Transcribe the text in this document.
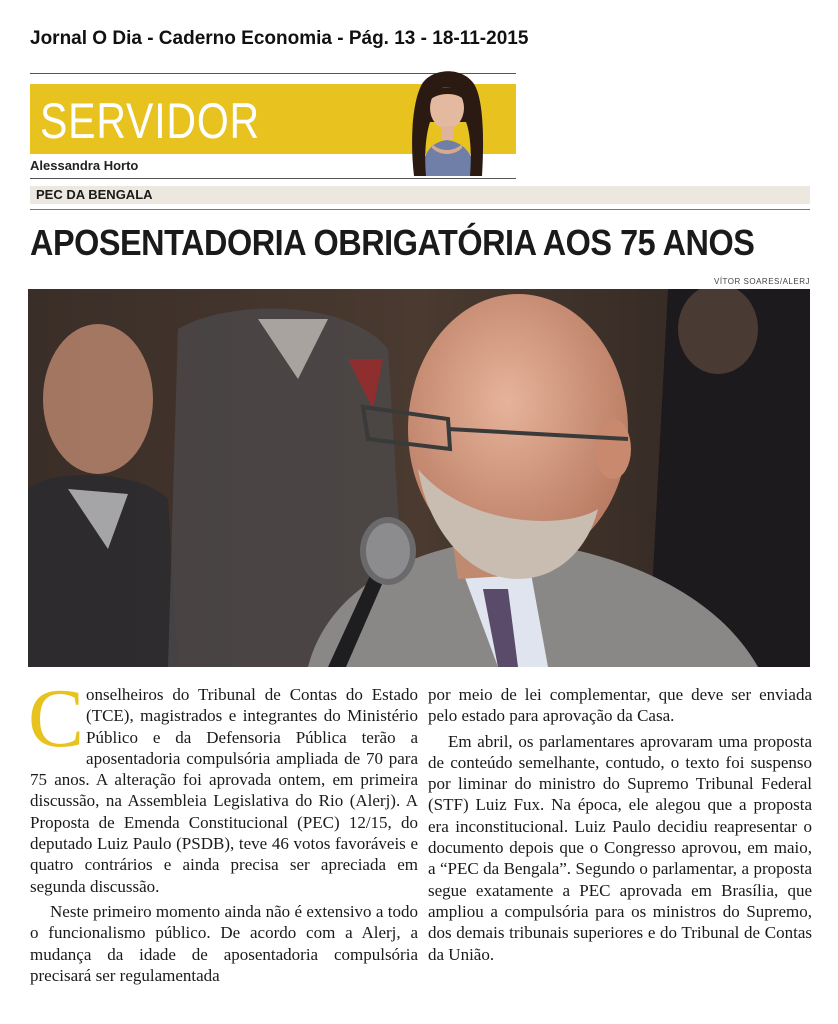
Jornal O Dia - Caderno Economia - Pág. 13 - 18-11-2015
SERVIDOR
Alessandra Horto
PEC DA BENGALA
APOSENTADORIA OBRIGATÓRIA AOS 75 ANOS
VÍTOR SOARES/ALERJ

Conselheiros do Tribunal de Contas do Estado (TCE), magistrados e integrantes do Ministério Público e da Defensoria Pública terão a aposentadoria compulsória ampliada de 70 para 75 anos. A alteração foi aprovada ontem, em primeira discussão, na Assembleia Legislativa do Rio (Alerj). A Proposta de Emenda Constitucional (PEC) 12/15, do deputado Luiz Paulo (PSDB), teve 46 votos favoráveis e quatro contrários e ainda precisa ser apreciada em segunda discussão.

Neste primeiro momento ainda não é extensivo a todo o funcionalismo público. De acordo com a Alerj, a mudança da idade de aposentadoria compulsória precisará ser regulamentada

por meio de lei complementar, que deve ser enviada pelo estado para aprovação da Casa.

Em abril, os parlamentares aprovaram uma proposta de conteúdo semelhante, contudo, o texto foi suspenso por liminar do ministro do Supremo Tribunal Federal (STF) Luiz Fux. Na época, ele alegou que a proposta era inconstitucional. Luiz Paulo decidiu reapresentar o documento depois que o Congresso aprovou, em maio, a “PEC da Bengala”. Segundo o parlamentar, a proposta segue exatamente a PEC aprovada em Brasília, que ampliou a compulsória para os ministros do Supremo, dos demais tribunais superiores e do Tribunal de Contas da União.
